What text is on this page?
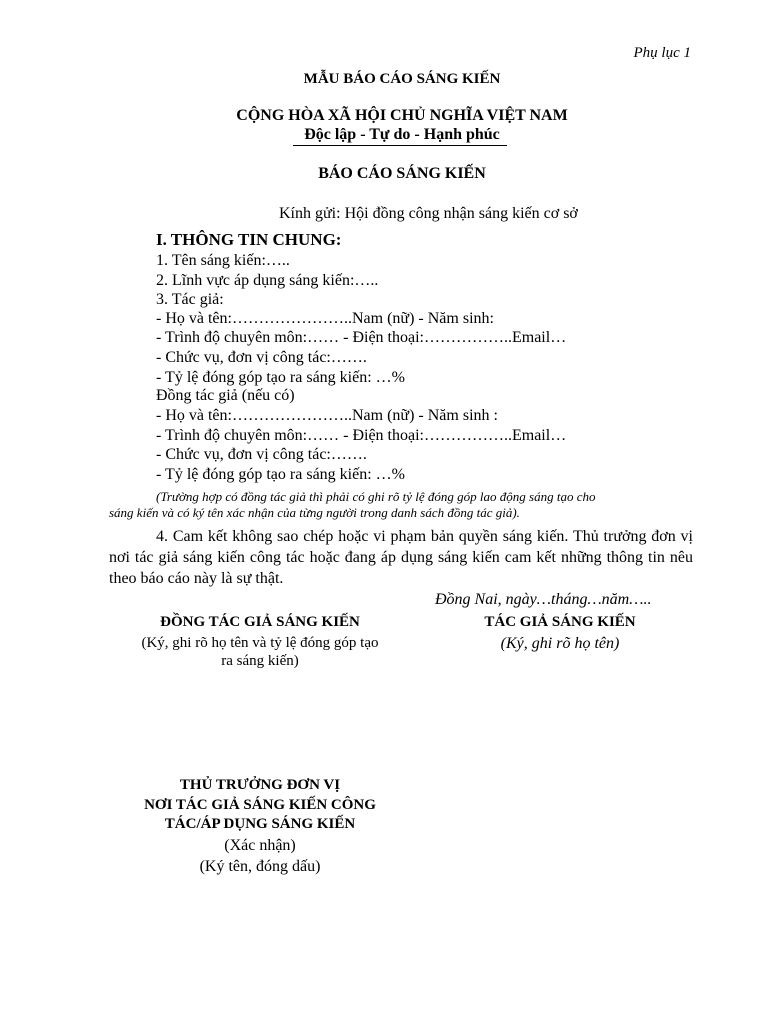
Phụ lục 1
MẪU BÁO CÁO SÁNG KIẾN
CỘNG HÒA XÃ HỘI CHỦ NGHĨA VIỆT NAM
Độc lập - Tự do - Hạnh phúc
BÁO CÁO SÁNG KIẾN
Kính gửi: Hội đồng công nhận sáng kiến cơ sở
I. THÔNG TIN CHUNG:
1. Tên sáng kiến:…..
2. Lĩnh vực áp dụng sáng kiến:…..
3. Tác giả:
- Họ và tên:…………………..Nam (nữ) - Năm sinh:
- Trình độ chuyên môn:…… - Điện thoại:……………..Email…
- Chức vụ, đơn vị công tác:…….
- Tỷ lệ đóng góp tạo ra sáng kiến: …%
Đồng tác giả (nếu có)
- Họ và tên:…………………..Nam (nữ) - Năm sinh :
- Trình độ chuyên môn:…… - Điện thoại:……………..Email…
- Chức vụ, đơn vị công tác:…….
- Tỷ lệ đóng góp tạo ra sáng kiến: …%
(Trường hợp có đồng tác giả thì phải có ghi rõ tỷ lệ đóng góp lao động sáng tạo cho
sáng kiến và có ký tên xác nhận của từng người trong danh sách đồng tác giả).
4. Cam kết không sao chép hoặc vi phạm bản quyền sáng kiến. Thủ trưởng đơn vị nơi tác giả sáng kiến công tác hoặc đang áp dụng sáng kiến cam kết những thông tin nêu theo báo cáo này là sự thật.
Đồng Nai, ngày…tháng…năm…..
ĐỒNG TÁC GIẢ SÁNG KIẾN
(Ký, ghi rõ họ tên và tỷ lệ đóng góp tạo
ra sáng kiến)
TÁC GIẢ SÁNG KIẾN
(Ký, ghi rõ họ tên)
THỦ TRƯỞNG ĐƠN VỊ
NƠI TÁC GIẢ SÁNG KIẾN CÔNG
TÁC/ÁP DỤNG SÁNG KIẾN
(Xác nhận)
(Ký tên, đóng dấu)
